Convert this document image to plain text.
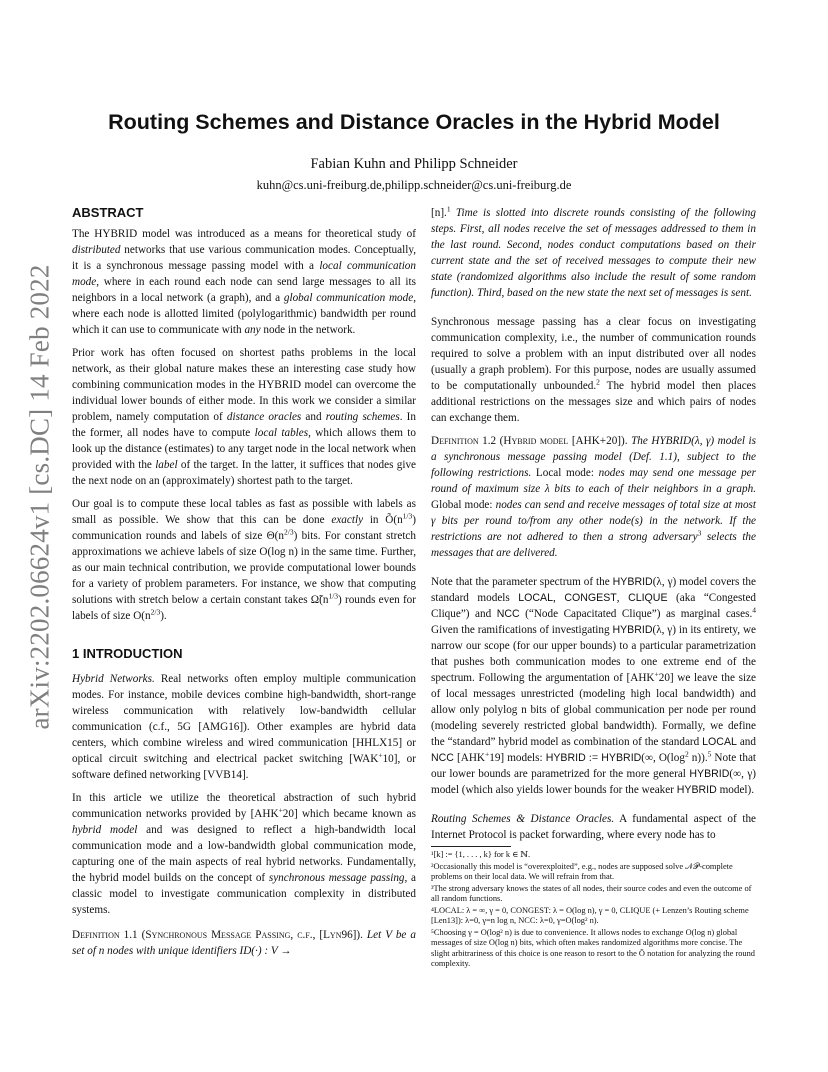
arXiv:2202.06624v1 [cs.DC] 14 Feb 2022
Routing Schemes and Distance Oracles in the Hybrid Model
Fabian Kuhn and Philipp Schneider
kuhn@cs.uni-freiburg.de,philipp.schneider@cs.uni-freiburg.de

ABSTRACT

The HYBRID model was introduced as a means for theoretical study of distributed networks that use various communication modes. Conceptually, it is a synchronous message passing model with a local communication mode, where in each round each node can send large messages to all its neighbors in a local network (a graph), and a global communication mode, where each node is allotted limited (polylogarithmic) bandwidth per round which it can use to communicate with any node in the network.

Prior work has often focused on shortest paths problems in the local network, as their global nature makes these an interesting case study how combining communication modes in the HYBRID model can overcome the individual lower bounds of either mode. In this work we consider a similar problem, namely computation of distance oracles and routing schemes. In the former, all nodes have to compute local tables, which allows them to look up the distance (estimates) to any target node in the local network when provided with the label of the target. In the latter, it suffices that nodes give the next node on an (approximately) shortest path to the target.

Our goal is to compute these local tables as fast as possible with labels as small as possible. We show that this can be done exactly in $Õ(n^{1/3})$ communication rounds and labels of size $\Theta(n^{2/3})$ bits. For constant stretch approximations we achieve labels of size O(log n) in the same time. Further, as our main technical contribution, we provide computational lower bounds for a variety of problem parameters. For instance, we show that computing solutions with stretch below a certain constant takes $\Omegã(n^{1/3})$ rounds even for labels of size $O(n^{2/3})$.

1 INTRODUCTION

Hybrid Networks. Real networks often employ multiple communication modes. For instance, mobile devices combine high-bandwidth, short-range wireless communication with relatively low-bandwidth cellular communication (c.f., 5G [AMG16]). Other examples are hybrid data centers, which combine wireless and wired communication [HHLX15] or optical circuit switching and electrical packet switching [WAK+10], or software defined networking [VVB14].

In this article we utilize the theoretical abstraction of such hybrid communication networks provided by [AHK+20] which became known as hybrid model and was designed to reflect a high-bandwidth local communication mode and a low-bandwidth global communication mode, capturing one of the main aspects of real hybrid networks. Fundamentally, the hybrid model builds on the concept of synchronous message passing, a classic model to investigate communication complexity in distributed systems.

Definition 1.1 (Synchronous Message Passing, c.f., [Lyn96]). Let V be a set of n nodes with unique identifiers ID(·) : V →

[n].$^1$ Time is slotted into discrete rounds consisting of the following steps. First, all nodes receive the set of messages addressed to them in the last round. Second, nodes conduct computations based on their current state and the set of received messages to compute their new state (randomized algorithms also include the result of some random function). Third, based on the new state the next set of messages is sent.

Synchronous message passing has a clear focus on investigating communication complexity, i.e., the number of communication rounds required to solve a problem with an input distributed over all nodes (usually a graph problem). For this purpose, nodes are usually assumed to be computationally unbounded.$^2$ The hybrid model then places additional restrictions on the messages size and which pairs of nodes can exchange them.

Definition 1.2 (Hybrid model [AHK+20]). The HYBRID(λ, γ) model is a synchronous message passing model (Def. 1.1), subject to the following restrictions. Local mode: nodes may send one message per round of maximum size λ bits to each of their neighbors in a graph. Global mode: nodes can send and receive messages of total size at most γ bits per round to/from any other node(s) in the network. If the restrictions are not adhered to then a strong adversary$^3$ selects the messages that are delivered.

Note that the parameter spectrum of the HYBRID(λ, γ) model covers the standard models LOCAL, CONGEST, CLIQUE (aka “Congested Clique”) and NCC (“Node Capacitated Clique”) as marginal cases.$^4$ Given the ramifications of investigating HYBRID(λ, γ) in its entirety, we narrow our scope (for our upper bounds) to a particular parametrization that pushes both communication modes to one extreme end of the spectrum. Following the argumentation of [AHK+20] we leave the size of local messages unrestricted (modeling high local bandwidth) and allow only polylog n bits of global communication per node per round (modeling severely restricted global bandwidth). Formally, we define the “standard” hybrid model as combination of the standard LOCAL and NCC [AHK+19] models: HYBRID := HYBRID(∞, $O(\log^2$ n)).$^5$ Note that our lower bounds are parametrized for the more general HYBRID(∞, γ) model (which also yields lower bounds for the weaker HYBRID model).

Routing Schemes & Distance Oracles. A fundamental aspect of the Internet Protocol is packet forwarding, where every node has to

¹[k] := {1, . . . , k} for k ∈ ℕ.

²Occasionally this model is “overexploited”, e.g., nodes are supposed solve 𝒩𝒫-complete problems on their local data. We will refrain from that.

³The strong adversary knows the states of all nodes, their source codes and even the outcome of all random functions.

⁴LOCAL: λ = ∞, γ = 0, CONGEST: λ = O(log n), γ = 0, CLIQUE (+ Lenzen’s Routing scheme [Len13]): λ=0, γ=n log n, NCC: λ=0, γ=O(log² n).

⁵Choosing γ = O(log² n) is due to convenience. It allows nodes to exchange O(log n) global messages of size O(log n) bits, which often makes randomized algorithms more concise. The slight arbitrariness of this choice is one reason to resort to the Õ notation for analyzing the round complexity.
